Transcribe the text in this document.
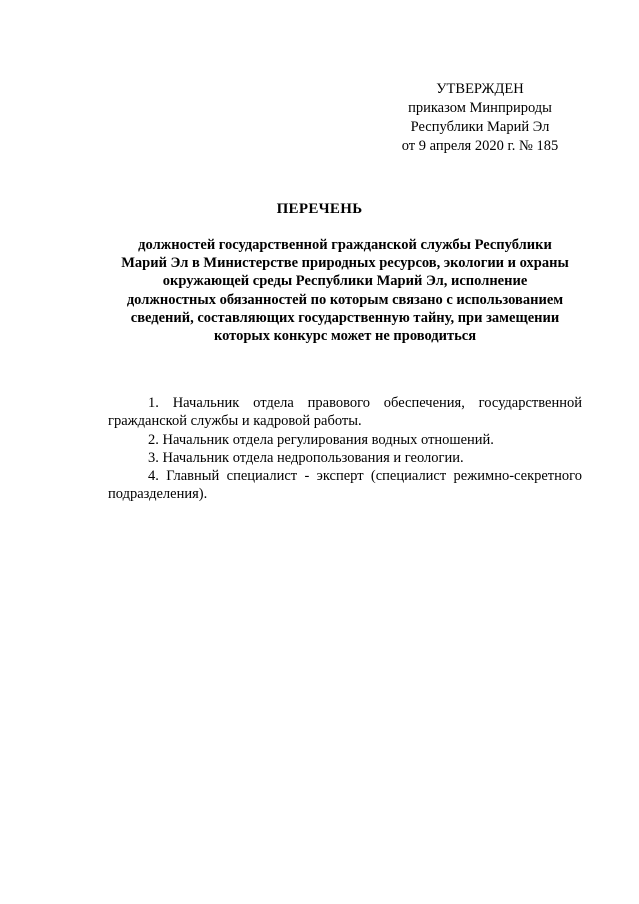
УТВЕРЖДЕН
приказом Минприроды
Республики Марий Эл
от 9 апреля 2020 г. № 185
ПЕРЕЧЕНЬ
должностей государственной гражданской службы Республики
Марий Эл в Министерстве природных ресурсов, экологии и охраны
окружающей среды Республики Марий Эл, исполнение
должностных обязанностей по которым связано с использованием
сведений, составляющих государственную тайну, при замещении
которых конкурс может не проводиться
1. Начальник отдела правового обеспечения, государственной
гражданской службы и кадровой работы.
2. Начальник отдела регулирования водных отношений.
3. Начальник отдела недропользования и геологии.
4. Главный специалист - эксперт (специалист режимно-секретного
подразделения).
